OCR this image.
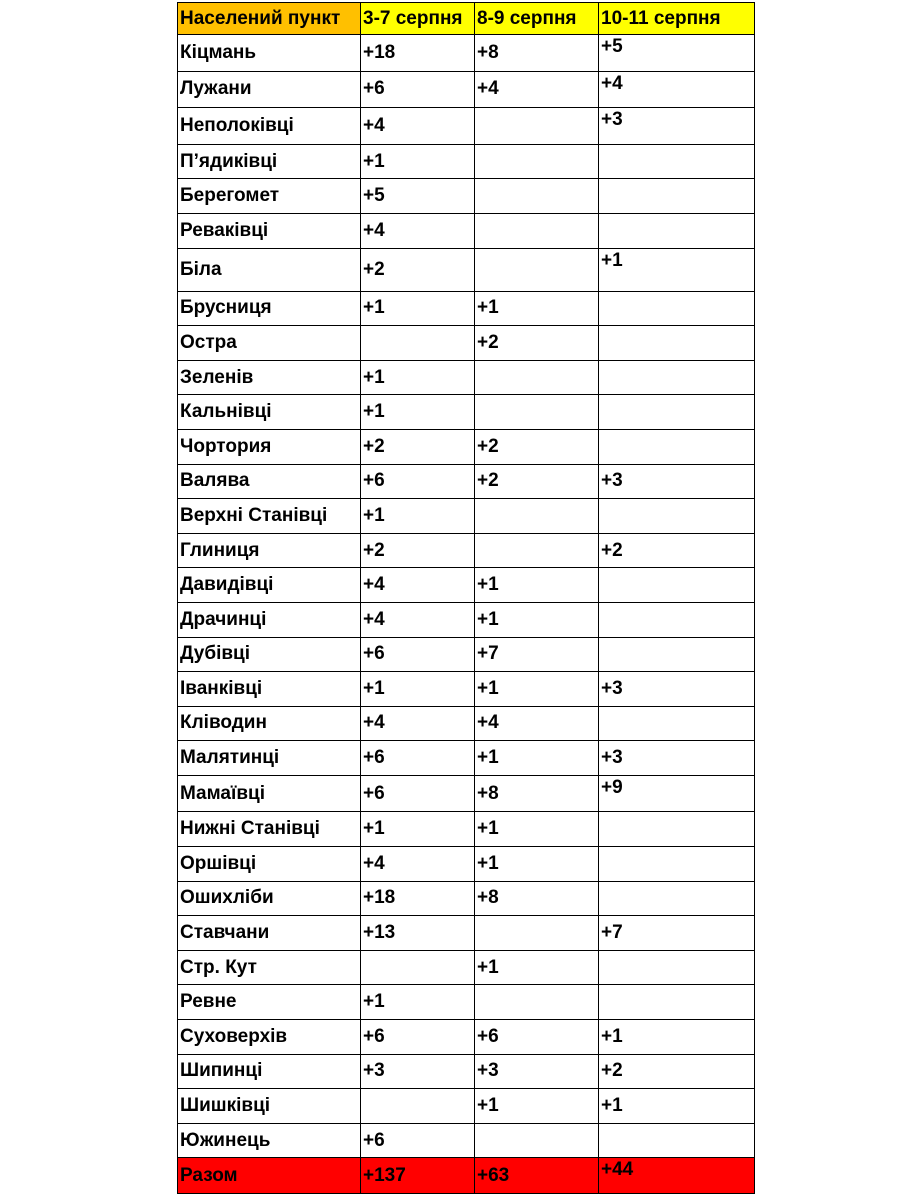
Населений пункт	3-7 серпня	8-9 серпня	10-11 серпня
Кіцмань	+18	+8	+5
Лужани	+6	+4	+4
Неполоківці	+4		+3
П’ядиківці	+1		
Берегомет	+5		
Реваківці	+4		
Біла	+2		+1
Брусниця	+1	+1	
Остра		+2	
Зеленів	+1		
Кальнівці	+1		
Чортория	+2	+2	
Валява	+6	+2	+3
Верхні Станівці	+1		
Глиниця	+2		+2
Давидівці	+4	+1	
Драчинці	+4	+1	
Дубівці	+6	+7	
Іванківці	+1	+1	+3
Кліводин	+4	+4	
Малятинці	+6	+1	+3
Мамаївці	+6	+8	+9
Нижні Станівці	+1	+1	
Оршівці	+4	+1	
Ошихліби	+18	+8	
Ставчани	+13		+7
Стр. Кут		+1	
Ревне	+1		
Суховерхів	+6	+6	+1
Шипинці	+3	+3	+2
Шишківці		+1	+1
Южинець	+6		
Разом	+137	+63	+44
